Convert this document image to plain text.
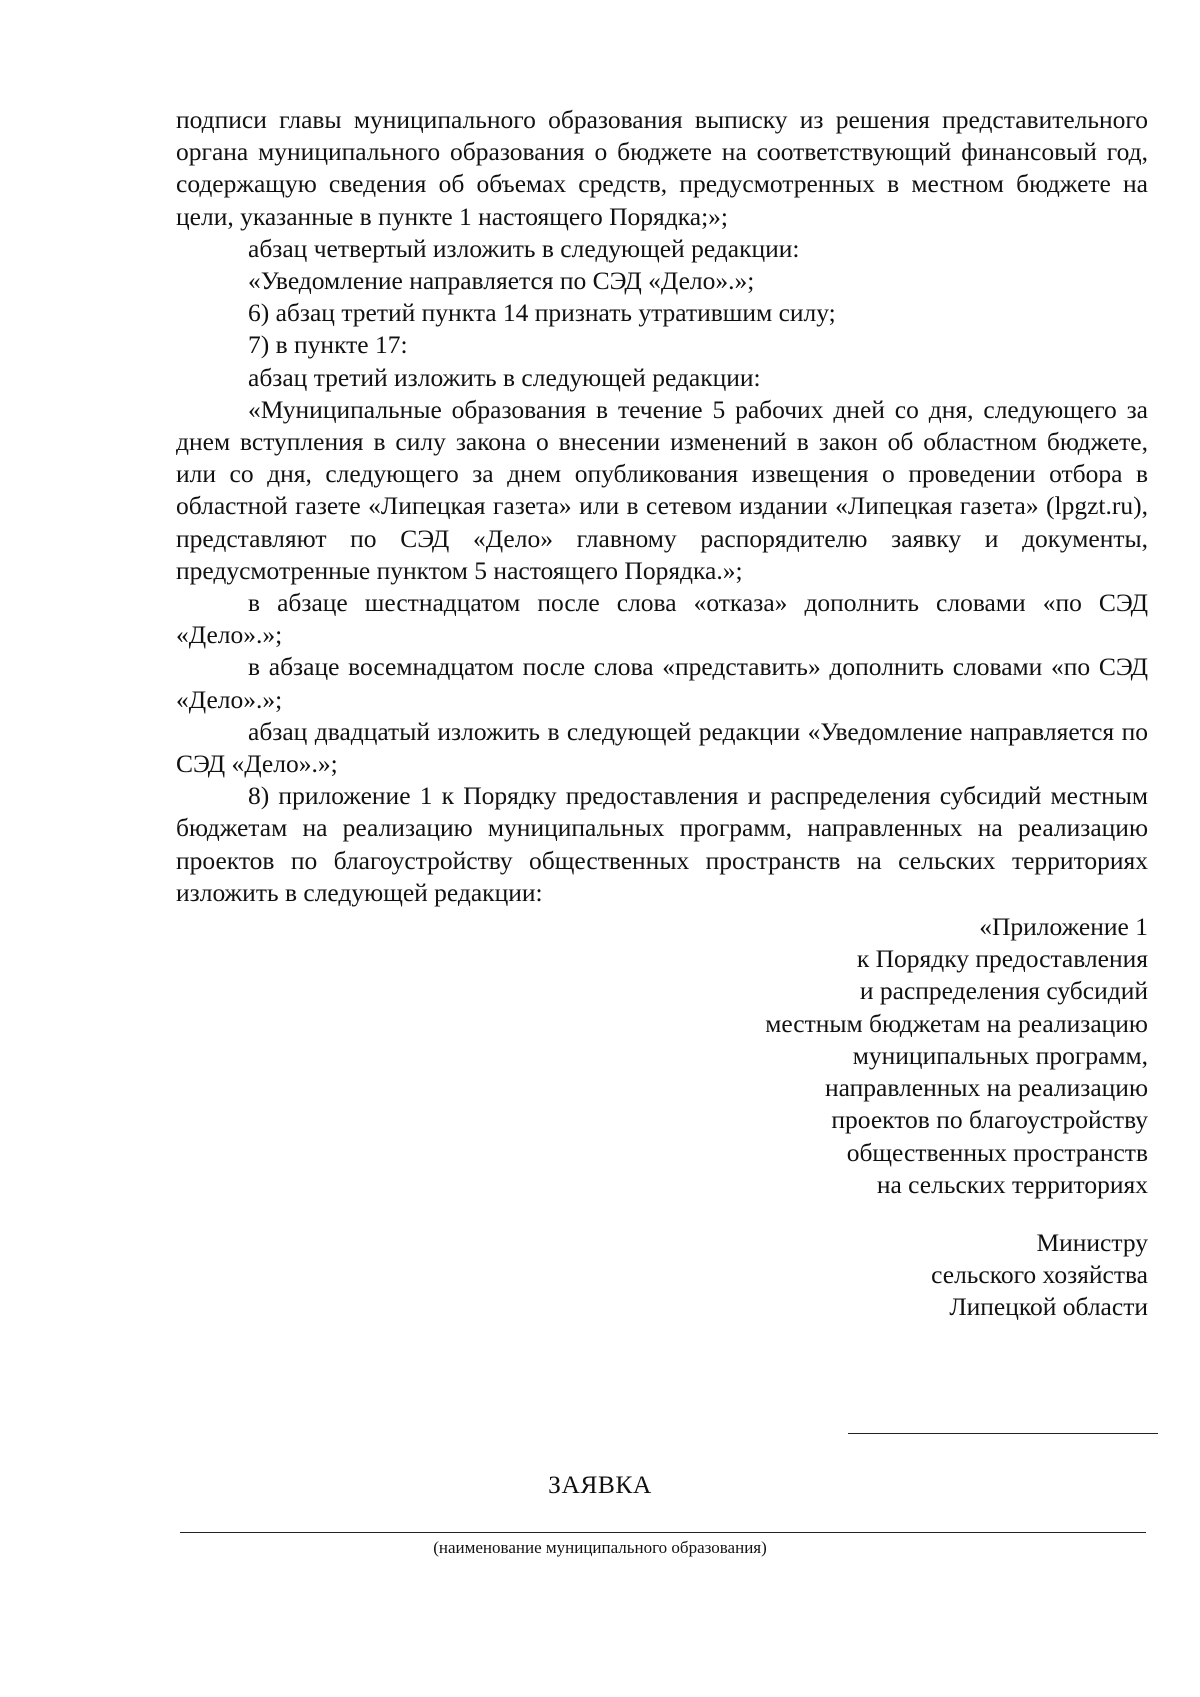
подписи главы муниципального образования выписку из решения представительного органа муниципального образования о бюджете на соответствующий финансовый год, содержащую сведения об объемах средств, предусмотренных в местном бюджете на цели, указанные в пункте 1 настоящего Порядка;»;

абзац четвертый изложить в следующей редакции:

«Уведомление направляется по СЭД «Дело».»;

6) абзац третий пункта 14 признать утратившим силу;

7) в пункте 17:

абзац третий изложить в следующей редакции:

«Муниципальные образования в течение 5 рабочих дней со дня, следующего за днем вступления в силу закона о внесении изменений в закон об областном бюджете, или со дня, следующего за днем опубликования извещения о проведении отбора в областной газете «Липецкая газета» или в сетевом издании «Липецкая газета» (lpgzt.ru), представляют по СЭД «Дело» главному распорядителю заявку и документы, предусмотренные пунктом 5 настоящего Порядка.»;

в абзаце шестнадцатом после слова «отказа» дополнить словами «по СЭД «Дело».»;

в абзаце восемнадцатом после слова «представить» дополнить словами «по СЭД «Дело».»;

абзац двадцатый изложить в следующей редакции «Уведомление направляется по СЭД «Дело».»;

8) приложение 1 к Порядку предоставления и распределения субсидий местным бюджетам на реализацию муниципальных программ, направленных на реализацию проектов по благоустройству общественных пространств на сельских территориях изложить в следующей редакции:

«Приложение 1
к Порядку предоставления
и распределения субсидий
местным бюджетам на реализацию
муниципальных программ,
направленных на реализацию
проектов по благоустройству
общественных пространств
на сельских территориях
Министру
сельского хозяйства
Липецкой области
ЗАЯВКА
(наименование муниципального образования)
